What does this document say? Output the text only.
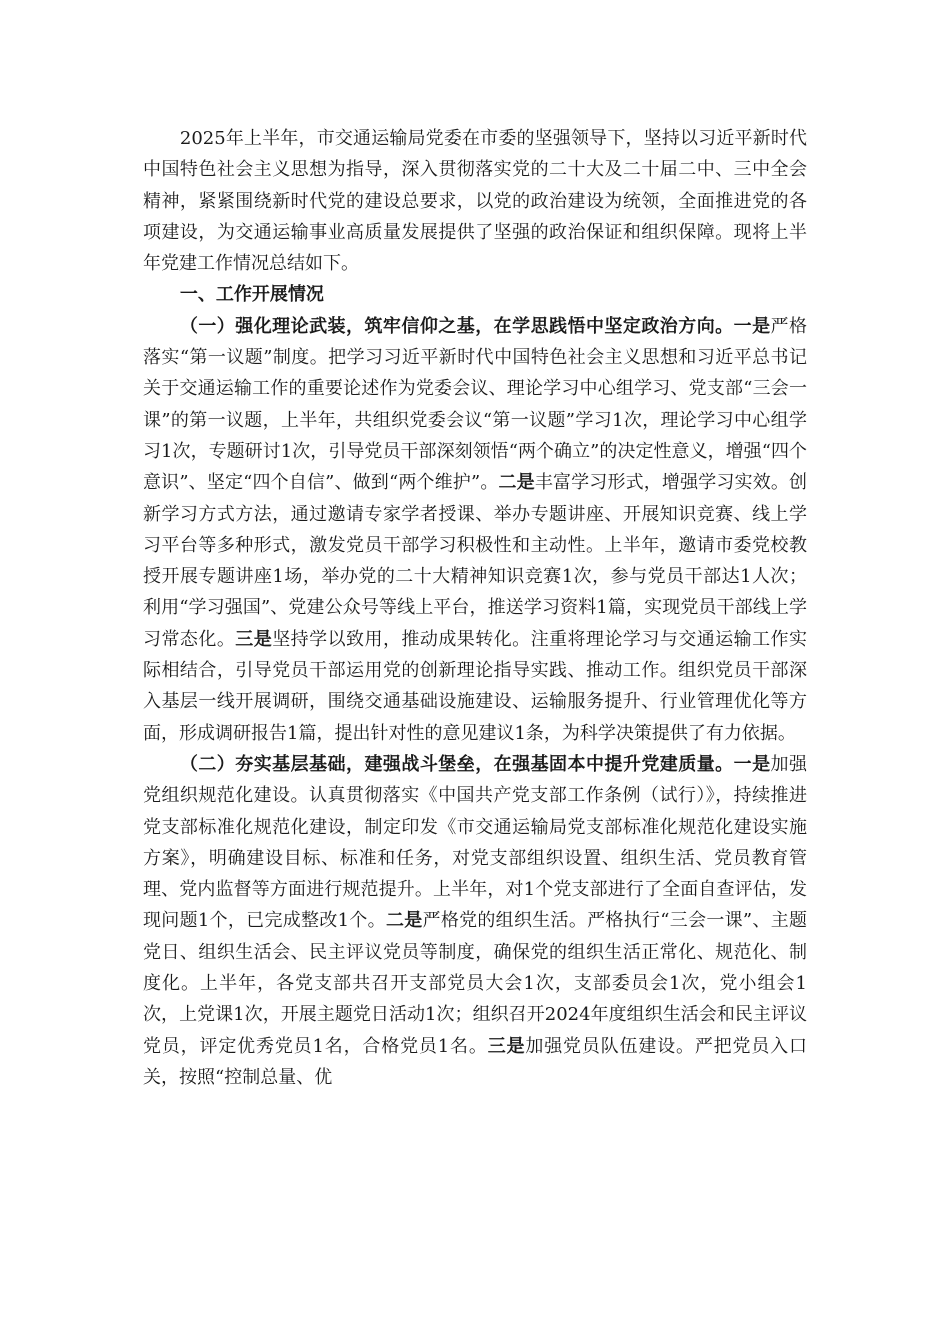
2025年上半年，市交通运输局党委在市委的坚强领导下，坚持以习近平新时代中国特色社会主义思想为指导，深入贯彻落实党的二十大及二十届二中、三中全会精神，紧紧围绕新时代党的建设总要求，以党的政治建设为统领，全面推进党的各项建设，为交通运输事业高质量发展提供了坚强的政治保证和组织保障。现将上半年党建工作情况总结如下。

一、工作开展情况

（一）强化理论武装，筑牢信仰之基，在学思践悟中坚定政治方向。一是严格落实“第一议题”制度。把学习习近平新时代中国特色社会主义思想和习近平总书记关于交通运输工作的重要论述作为党委会议、理论学习中心组学习、党支部“三会一课”的第一议题，上半年，共组织党委会议“第一议题”学习1次，理论学习中心组学习1次，专题研讨1次，引导党员干部深刻领悟“两个确立”的决定性意义，增强“四个意识”、坚定“四个自信”、做到“两个维护”。二是丰富学习形式，增强学习实效。创新学习方式方法，通过邀请专家学者授课、举办专题讲座、开展知识竞赛、线上学习平台等多种形式，激发党员干部学习积极性和主动性。上半年，邀请市委党校教授开展专题讲座1场，举办党的二十大精神知识竞赛1次，参与党员干部达1人次；利用“学习强国”、党建公众号等线上平台，推送学习资料1篇，实现党员干部线上学习常态化。三是坚持学以致用，推动成果转化。注重将理论学习与交通运输工作实际相结合，引导党员干部运用党的创新理论指导实践、推动工作。组织党员干部深入基层一线开展调研，围绕交通基础设施建设、运输服务提升、行业管理优化等方面，形成调研报告1篇，提出针对性的意见建议1条，为科学决策提供了有力依据。

（二）夯实基层基础，建强战斗堡垒，在强基固本中提升党建质量。一是加强党组织规范化建设。认真贯彻落实《中国共产党支部工作条例（试行）》，持续推进党支部标准化规范化建设，制定印发《市交通运输局党支部标准化规范化建设实施方案》，明确建设目标、标准和任务，对党支部组织设置、组织生活、党员教育管理、党内监督等方面进行规范提升。上半年，对1个党支部进行了全面自查评估，发现问题1个，已完成整改1个。二是严格党的组织生活。严格执行“三会一课”、主题党日、组织生活会、民主评议党员等制度，确保党的组织生活正常化、规范化、制度化。上半年，各党支部共召开支部党员大会1次，支部委员会1次，党小组会1次，上党课1次，开展主题党日活动1次；组织召开2024年度组织生活会和民主评议党员，评定优秀党员1名，合格党员1名。三是加强党员队伍建设。严把党员入口关，按照“控制总量、优
